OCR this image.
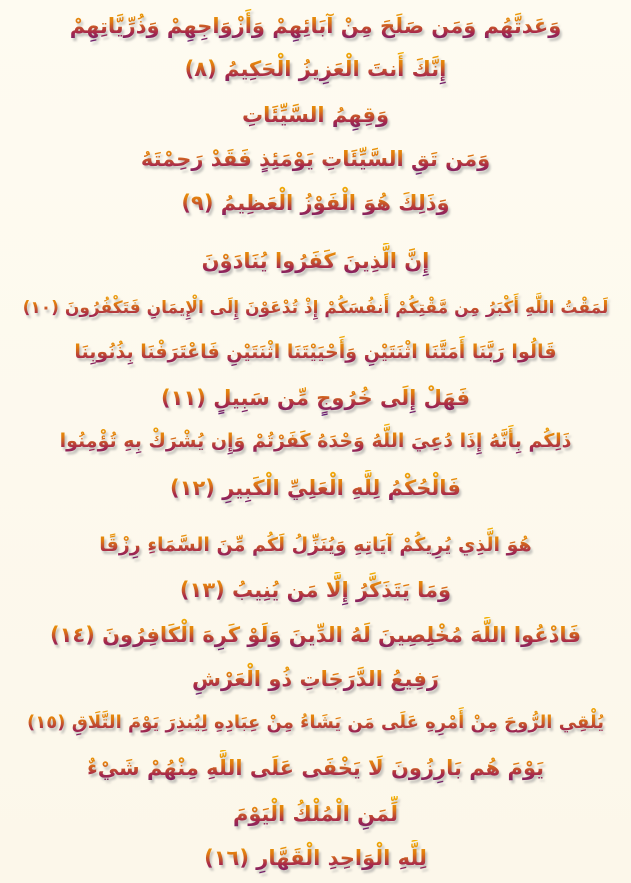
وَعَدتَّهُم وَمَن صَلَحَ مِنْ آبَائِهِمْ وَأَزْوَاجِهِمْ وَذُرِّيَّاتِهِمْ
إِنَّكَ أَنتَ الْعَزِيزُ الْحَكِيمُ (٨)
وَقِهِمُ السَّيِّئَاتِ
وَمَن تَقِ السَّيِّئَاتِ يَوْمَئِذٍ فَقَدْ رَحِمْتَهُ
وَذَلِكَ هُوَ الْفَوْزُ الْعَظِيمُ (٩)
إِنَّ الَّذِينَ كَفَرُوا يُنَادَوْنَ
لَمَقْتُ اللَّهِ أَكْبَرُ مِن مَّقْتِكُمْ أَنفُسَكُمْ إِذْ تُدْعَوْنَ إِلَى الْإِيمَانِ فَتَكْفُرُونَ (١٠)
قَالُوا رَبَّنَا أَمَتَّنَا اثْنَتَيْنِ وَأَحْيَيْتَنَا اثْنَتَيْنِ فَاعْتَرَفْنَا بِذُنُوبِنَا
فَهَلْ إِلَى خُرُوجٍ مِّن سَبِيلٍ (١١)
ذَلِكُم بِأَنَّهُ إِذَا دُعِيَ اللَّهُ وَحْدَهُ كَفَرْتُمْ وَإِن يُشْرَكْ بِهِ تُؤْمِنُوا
فَالْحُكْمُ لِلَّهِ الْعَلِيِّ الْكَبِيرِ (١٢)
هُوَ الَّذِي يُرِيكُمْ آيَاتِهِ وَيُنَزِّلُ لَكُم مِّنَ السَّمَاءِ رِزْقًا
وَمَا يَتَذَكَّرُ إِلَّا مَن يُنِيبُ (١٣)
فَادْعُوا اللَّهَ مُخْلِصِينَ لَهُ الدِّينَ وَلَوْ كَرِهَ الْكَافِرُونَ (١٤)
رَفِيعُ الدَّرَجَاتِ ذُو الْعَرْشِ
يُلْقِي الرُّوحَ مِنْ أَمْرِهِ عَلَى مَن يَشَاءُ مِنْ عِبَادِهِ لِيُنذِرَ يَوْمَ التَّلَاقِ (١٥)
يَوْمَ هُم بَارِزُونَ لَا يَخْفَى عَلَى اللَّهِ مِنْهُمْ شَيْءٌ
لِّمَنِ الْمُلْكُ الْيَوْمَ
لِلَّهِ الْوَاحِدِ الْقَهَّارِ (١٦)
